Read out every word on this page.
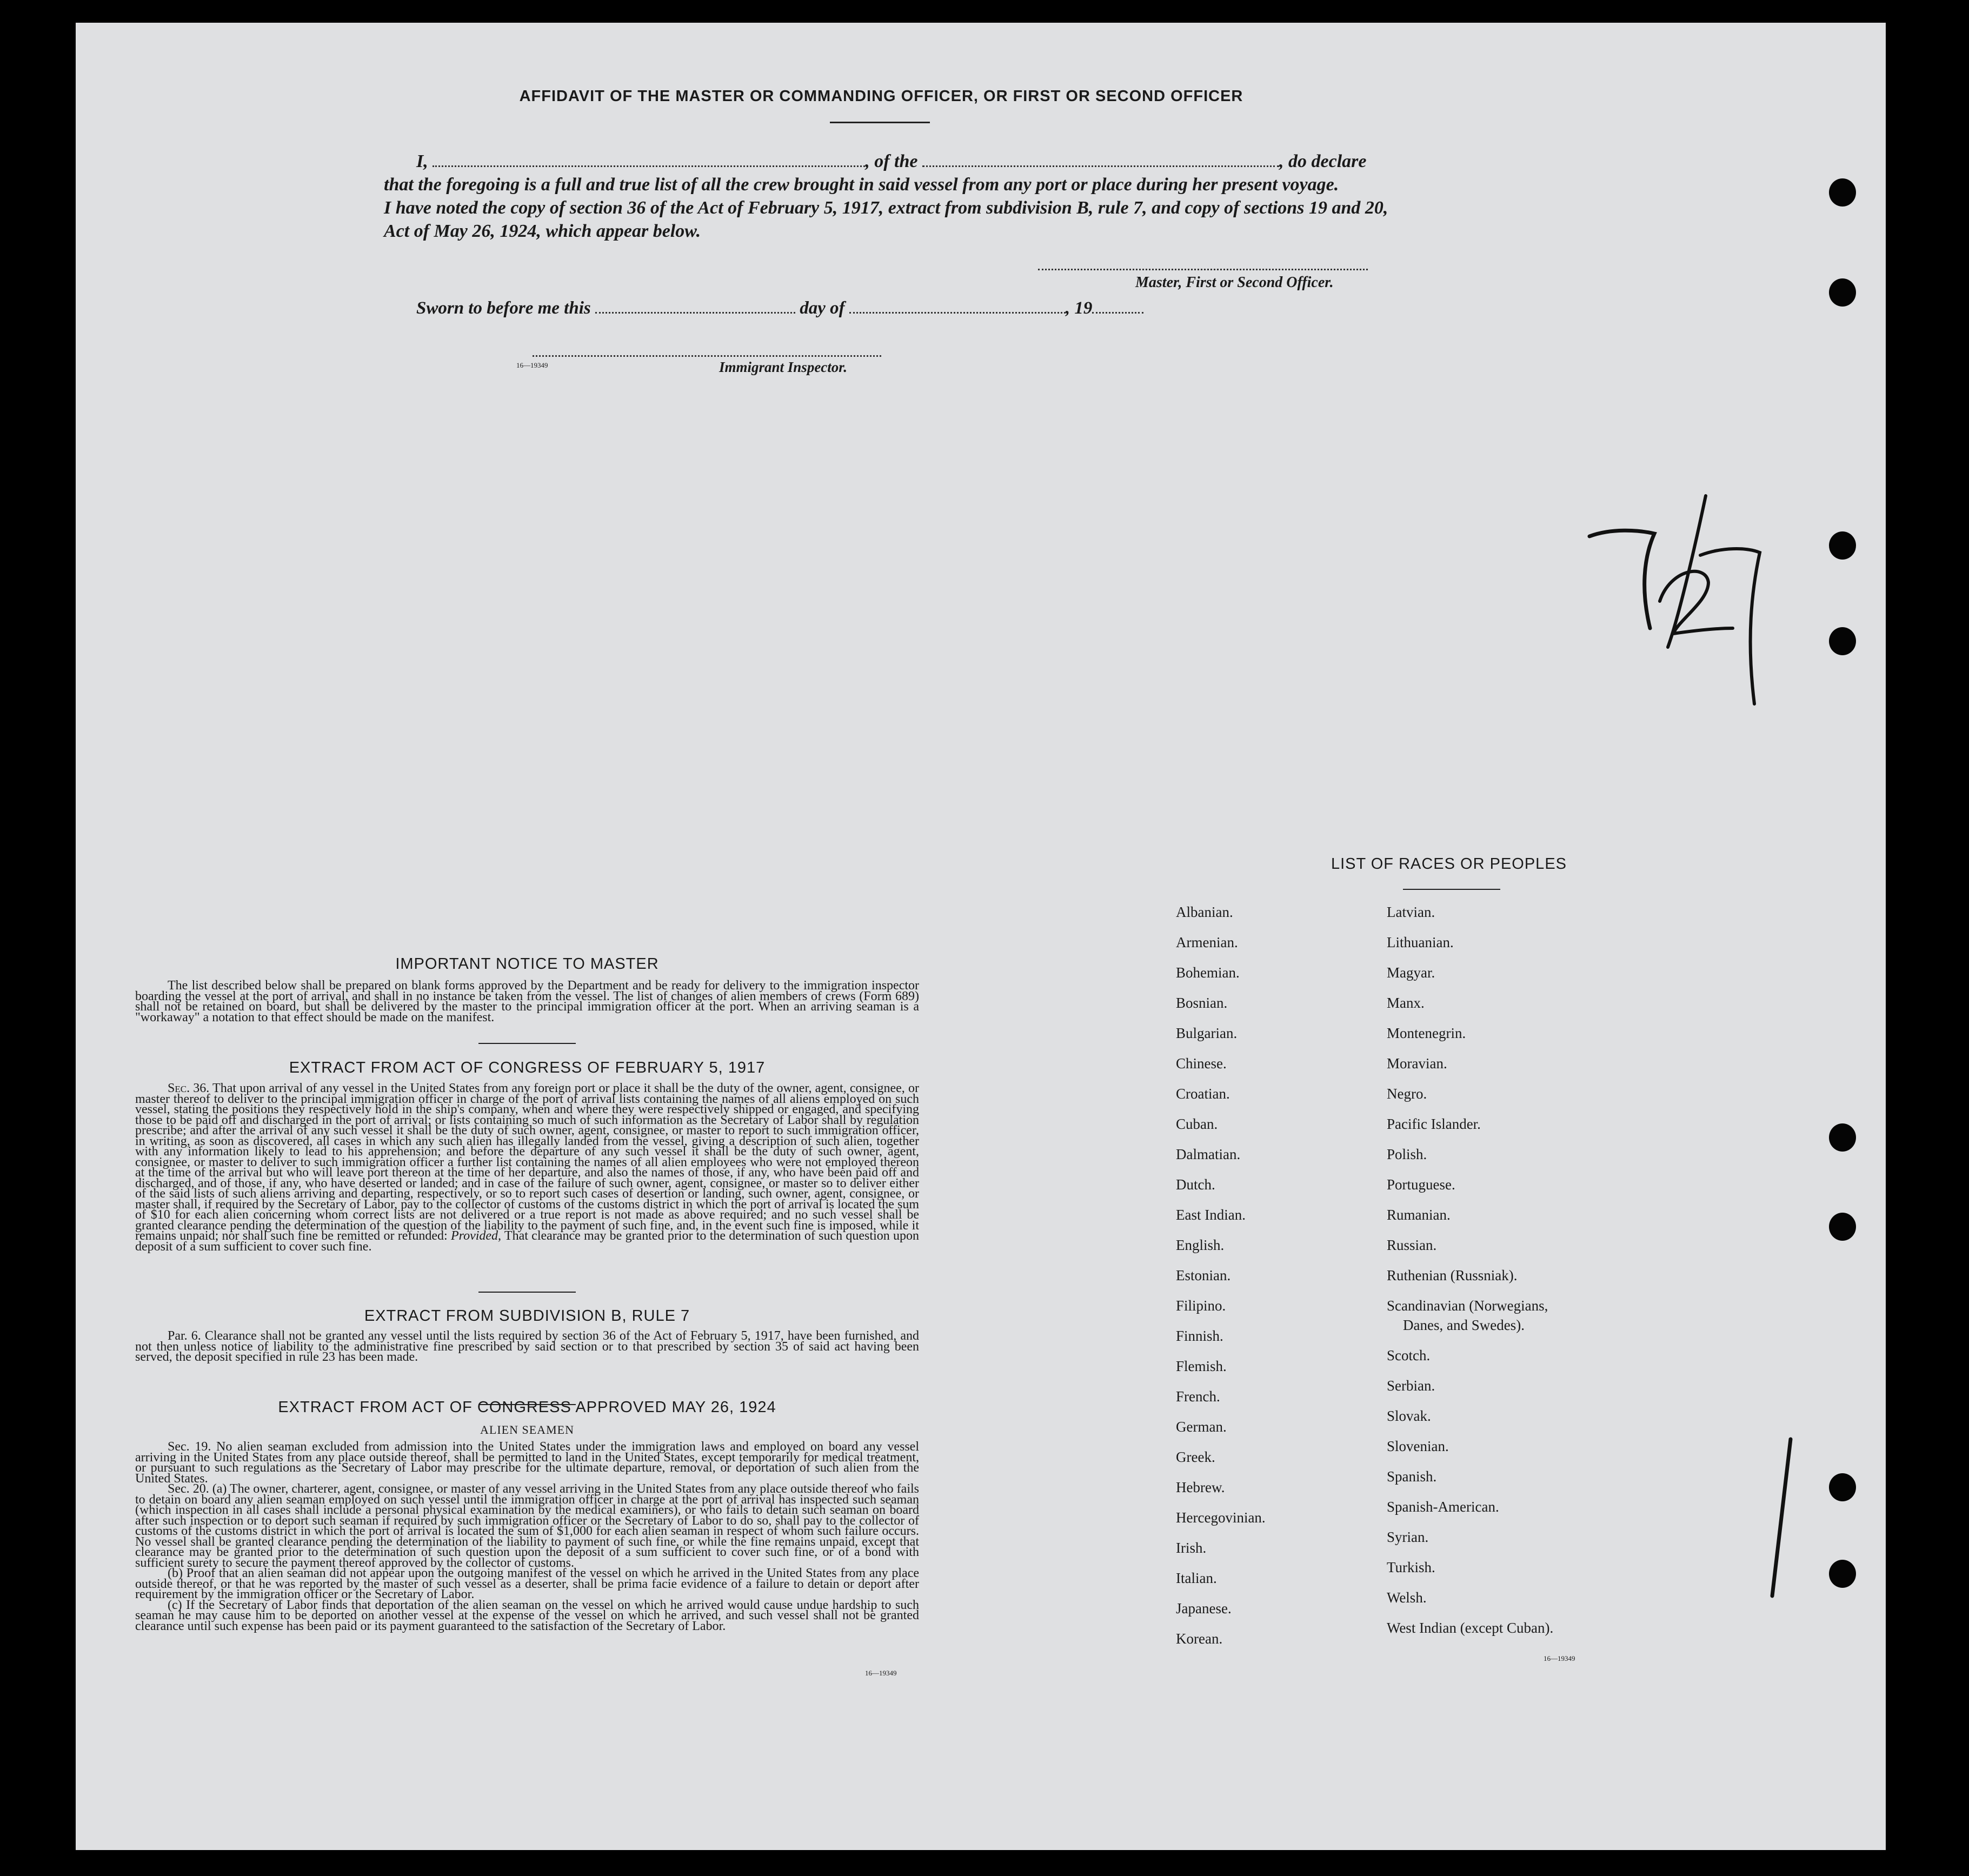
AFFIDAVIT OF THE MASTER OR COMMANDING OFFICER, OR FIRST OR SECOND OFFICER
I,	, of the	, do declare
that the foregoing is a full and true list of all the crew brought in said vessel from any port or place during her present voyage.
I have noted the copy of section 36 of the Act of February 5, 1917, extract from subdivision B, rule 7, and copy of sections 19 and 20,
Act of May 26, 1924, which appear below.
Master, First or Second Officer.
Sworn to before me this	day of	, 19
16—19349	Immigrant Inspector.
IMPORTANT NOTICE TO MASTER
The list described below shall be prepared on blank forms approved by the Department and be ready for delivery to the immigration inspector boarding the vessel at the port of arrival, and shall in no instance be taken from the vessel. The list of changes of alien members of crews (Form 689) shall not be retained on board, but shall be delivered by the master to the principal immigration officer at the port. When an arriving seaman is a "workaway" a notation to that effect should be made on the manifest.
EXTRACT FROM ACT OF CONGRESS OF FEBRUARY 5, 1917
Sec. 36. That upon arrival of any vessel in the United States from any foreign port or place it shall be the duty of the owner, agent, consignee, or master thereof to deliver to the principal immigration officer in charge of the port of arrival lists containing the names of all aliens employed on such vessel, stating the positions they respectively hold in the ship's company, when and where they were respectively shipped or engaged, and specifying those to be paid off and discharged in the port of arrival; or lists containing so much of such information as the Secretary of Labor shall by regulation prescribe; and after the arrival of any such vessel it shall be the duty of such owner, agent, consignee, or master to report to such immigration officer, in writing, as soon as discovered, all cases in which any such alien has illegally landed from the vessel, giving a description of such alien, together with any information likely to lead to his apprehension; and before the departure of any such vessel it shall be the duty of such owner, agent, consignee, or master to deliver to such immigration officer a further list containing the names of all alien employees who were not employed thereon at the time of the arrival but who will leave port thereon at the time of her departure, and also the names of those, if any, who have been paid off and discharged, and of those, if any, who have deserted or landed; and in case of the failure of such owner, agent, consignee, or master so to deliver either of the said lists of such aliens arriving and departing, respectively, or so to report such cases of desertion or landing, such owner, agent, consignee, or master shall, if required by the Secretary of Labor, pay to the collector of customs of the customs district in which the port of arrival is located the sum of $10 for each alien concerning whom correct lists are not delivered or a true report is not made as above required; and no such vessel shall be granted clearance pending the determination of the question of the liability to the payment of such fine, and, in the event such fine is imposed, while it remains unpaid; nor shall such fine be remitted or refunded: Provided, That clearance may be granted prior to the determination of such question upon deposit of a sum sufficient to cover such fine.
EXTRACT FROM SUBDIVISION B, RULE 7
Par. 6. Clearance shall not be granted any vessel until the lists required by section 36 of the Act of February 5, 1917, have been furnished, and not then unless notice of liability to the administrative fine prescribed by said section or to that prescribed by section 35 of said act having been served, the deposit specified in rule 23 has been made.
EXTRACT FROM ACT OF CONGRESS APPROVED MAY 26, 1924
ALIEN SEAMEN
Sec. 19. No alien seaman excluded from admission into the United States under the immigration laws and employed on board any vessel arriving in the United States from any place outside thereof, shall be permitted to land in the United States, except temporarily for medical treatment, or pursuant to such regulations as the Secretary of Labor may prescribe for the ultimate departure, removal, or deportation of such alien from the United States.
Sec. 20. (a) The owner, charterer, agent, consignee, or master of any vessel arriving in the United States from any place outside thereof who fails to detain on board any alien seaman employed on such vessel until the immigration officer in charge at the port of arrival has inspected such seaman (which inspection in all cases shall include a personal physical examination by the medical examiners), or who fails to detain such seaman on board after such inspection or to deport such seaman if required by such immigration officer or the Secretary of Labor to do so, shall pay to the collector of customs of the customs district in which the port of arrival is located the sum of $1,000 for each alien seaman in respect of whom such failure occurs. No vessel shall be granted clearance pending the determination of the liability to payment of such fine, or while the fine remains unpaid, except that clearance may be granted prior to the determination of such question upon the deposit of a sum sufficient to cover such fine, or of a bond with sufficient surety to secure the payment thereof approved by the collector of customs.
(b) Proof that an alien seaman did not appear upon the outgoing manifest of the vessel on which he arrived in the United States from any place outside thereof, or that he was reported by the master of such vessel as a deserter, shall be prima facie evidence of a failure to detain or deport after requirement by the immigration officer or the Secretary of Labor.
(c) If the Secretary of Labor finds that deportation of the alien seaman on the vessel on which he arrived would cause undue hardship to such seaman he may cause him to be deported on another vessel at the expense of the vessel on which he arrived, and such vessel shall not be granted clearance until such expense has been paid or its payment guaranteed to the satisfaction of the Secretary of Labor.
16—19349
LIST OF RACES OR PEOPLES
Albanian.
Armenian.
Bohemian.
Bosnian.
Bulgarian.
Chinese.
Croatian.
Cuban.
Dalmatian.
Dutch.
East Indian.
English.
Estonian.
Filipino.
Finnish.
Flemish.
French.
German.
Greek.
Hebrew.
Hercegovinian.
Irish.
Italian.
Japanese.
Korean.
Latvian.
Lithuanian.
Magyar.
Manx.
Montenegrin.
Moravian.
Negro.
Pacific Islander.
Polish.
Portuguese.
Rumanian.
Russian.
Ruthenian (Russniak).
Scandinavian (Norwegians,
Danes, and Swedes).
Scotch.
Serbian.
Slovak.
Slovenian.
Spanish.
Spanish-American.
Syrian.
Turkish.
Welsh.
West Indian (except Cuban).
16—19349
